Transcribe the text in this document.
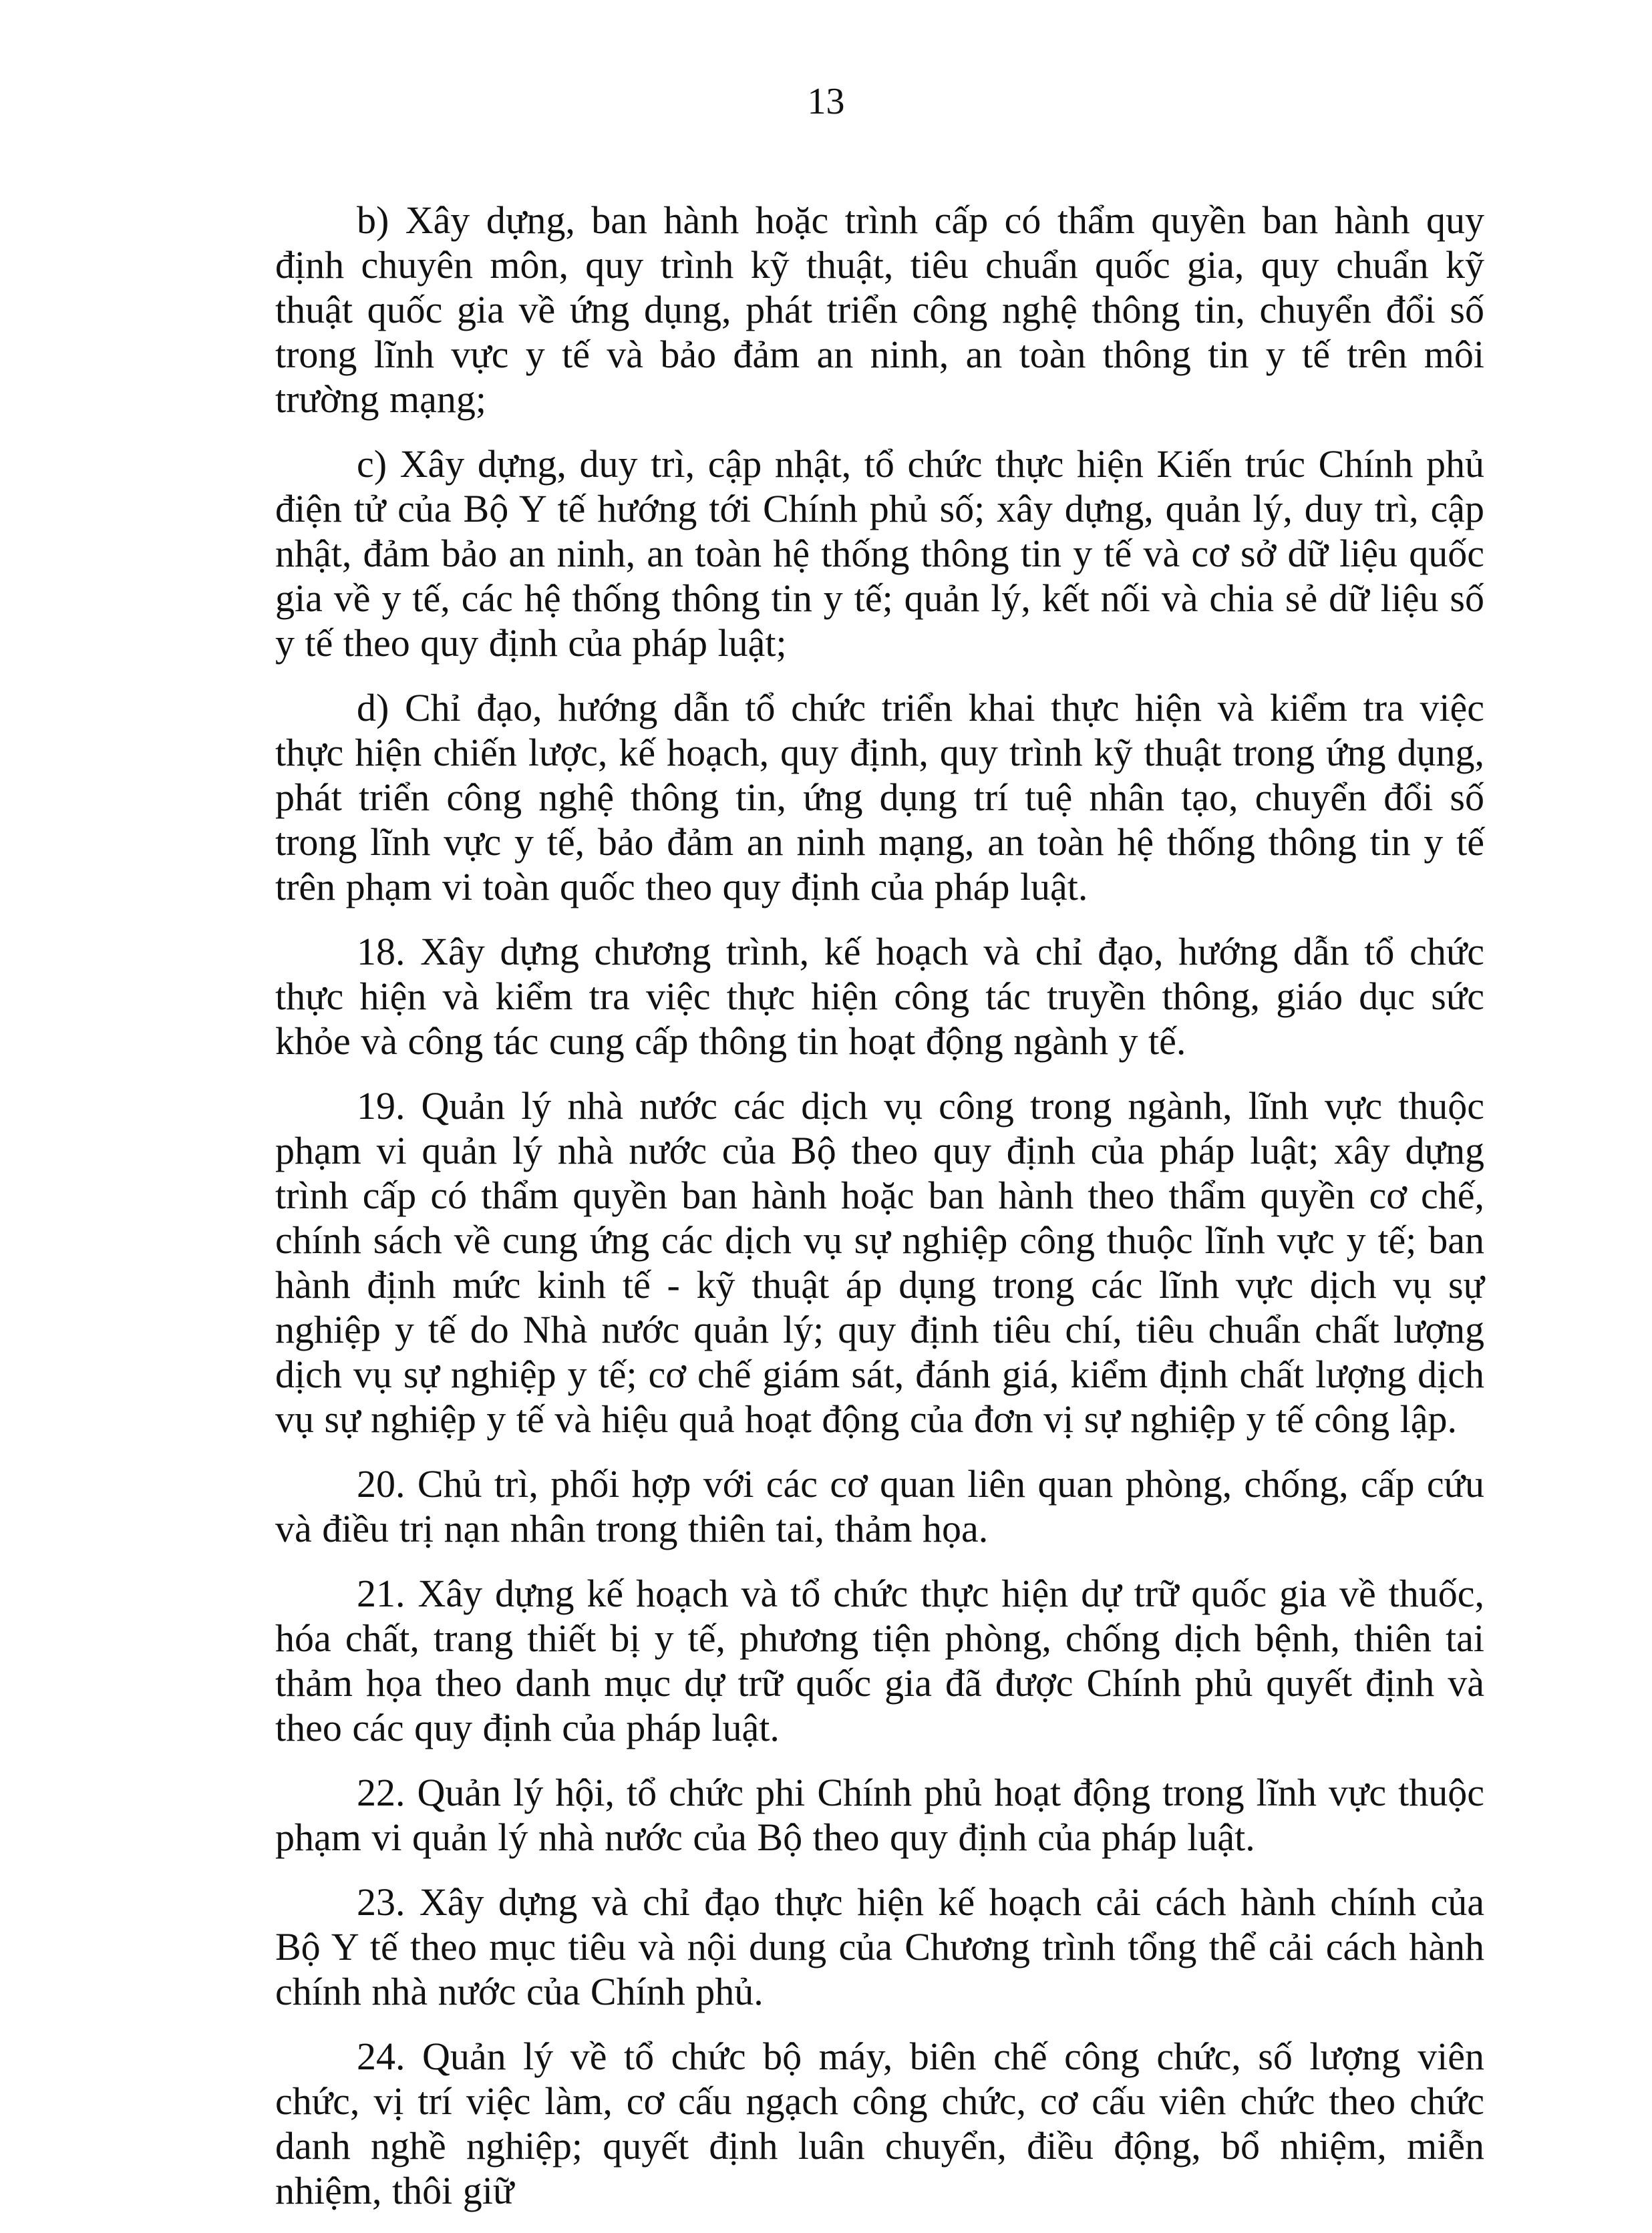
13

b) Xây dựng, ban hành hoặc trình cấp có thẩm quyền ban hành quy định chuyên môn, quy trình kỹ thuật, tiêu chuẩn quốc gia, quy chuẩn kỹ thuật quốc gia về ứng dụng, phát triển công nghệ thông tin, chuyển đổi số trong lĩnh vực y tế và bảo đảm an ninh, an toàn thông tin y tế trên môi trường mạng;

c) Xây dựng, duy trì, cập nhật, tổ chức thực hiện Kiến trúc Chính phủ điện tử của Bộ Y tế hướng tới Chính phủ số; xây dựng, quản lý, duy trì, cập nhật, đảm bảo an ninh, an toàn hệ thống thông tin y tế và cơ sở dữ liệu quốc gia về y tế, các hệ thống thông tin y tế; quản lý, kết nối và chia sẻ dữ liệu số y tế theo quy định của pháp luật;

d) Chỉ đạo, hướng dẫn tổ chức triển khai thực hiện và kiểm tra việc thực hiện chiến lược, kế hoạch, quy định, quy trình kỹ thuật trong ứng dụng, phát triển công nghệ thông tin, ứng dụng trí tuệ nhân tạo, chuyển đổi số trong lĩnh vực y tế, bảo đảm an ninh mạng, an toàn hệ thống thông tin y tế trên phạm vi toàn quốc theo quy định của pháp luật.

18. Xây dựng chương trình, kế hoạch và chỉ đạo, hướng dẫn tổ chức thực hiện và kiểm tra việc thực hiện công tác truyền thông, giáo dục sức khỏe và công tác cung cấp thông tin hoạt động ngành y tế.

19. Quản lý nhà nước các dịch vụ công trong ngành, lĩnh vực thuộc phạm vi quản lý nhà nước của Bộ theo quy định của pháp luật; xây dựng trình cấp có thẩm quyền ban hành hoặc ban hành theo thẩm quyền cơ chế, chính sách về cung ứng các dịch vụ sự nghiệp công thuộc lĩnh vực y tế; ban hành định mức kinh tế - kỹ thuật áp dụng trong các lĩnh vực dịch vụ sự nghiệp y tế do Nhà nước quản lý; quy định tiêu chí, tiêu chuẩn chất lượng dịch vụ sự nghiệp y tế; cơ chế giám sát, đánh giá, kiểm định chất lượng dịch vụ sự nghiệp y tế và hiệu quả hoạt động của đơn vị sự nghiệp y tế công lập.

20. Chủ trì, phối hợp với các cơ quan liên quan phòng, chống, cấp cứu và điều trị nạn nhân trong thiên tai, thảm họa.

21. Xây dựng kế hoạch và tổ chức thực hiện dự trữ quốc gia về thuốc, hóa chất, trang thiết bị y tế, phương tiện phòng, chống dịch bệnh, thiên tai thảm họa theo danh mục dự trữ quốc gia đã được Chính phủ quyết định và theo các quy định của pháp luật.

22. Quản lý hội, tổ chức phi Chính phủ hoạt động trong lĩnh vực thuộc phạm vi quản lý nhà nước của Bộ theo quy định của pháp luật.

23. Xây dựng và chỉ đạo thực hiện kế hoạch cải cách hành chính của Bộ Y tế theo mục tiêu và nội dung của Chương trình tổng thể cải cách hành chính nhà nước của Chính phủ.

24. Quản lý về tổ chức bộ máy, biên chế công chức, số lượng viên chức, vị trí việc làm, cơ cấu ngạch công chức, cơ cấu viên chức theo chức danh nghề nghiệp; quyết định luân chuyển, điều động, bổ nhiệm, miễn nhiệm, thôi giữ
